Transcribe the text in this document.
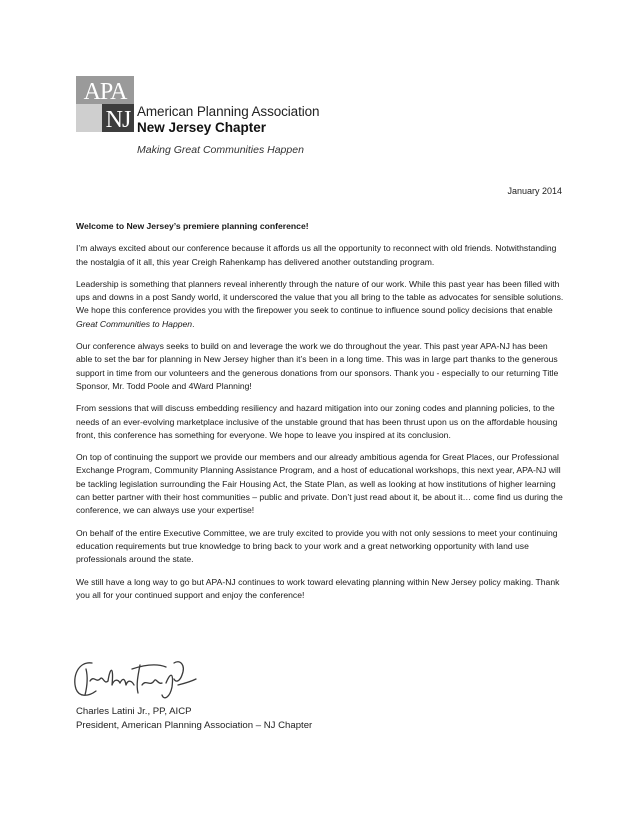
APA
NJ American Planning Association
New Jersey Chapter
Making Great Communities Happen
January 2014

Welcome to New Jersey’s premiere planning conference!

I’m always excited about our conference because it affords us all the opportunity to reconnect with old friends. Notwithstanding the nostalgia of it all, this year Creigh Rahenkamp has delivered another outstanding program.

Leadership is something that planners reveal inherently through the nature of our work. While this past year has been filled with ups and downs in a post Sandy world, it underscored the value that you all bring to the table as advocates for sensible solutions. We hope this conference provides you with the firepower you seek to continue to influence sound policy decisions that enable Great Communities to Happen.

Our conference always seeks to build on and leverage the work we do throughout the year. This past year APA-NJ has been able to set the bar for planning in New Jersey higher than it’s been in a long time. This was in large part thanks to the generous support in time from our volunteers and the generous donations from our sponsors. Thank you - especially to our returning Title Sponsor, Mr. Todd Poole and 4Ward Planning!

From sessions that will discuss embedding resiliency and hazard mitigation into our zoning codes and planning policies, to the needs of an ever-evolving marketplace inclusive of the unstable ground that has been thrust upon us on the affordable housing front, this conference has something for everyone. We hope to leave you inspired at its conclusion.

On top of continuing the support we provide our members and our already ambitious agenda for Great Places, our Professional Exchange Program, Community Planning Assistance Program, and a host of educational workshops, this next year, APA-NJ will be tackling legislation surrounding the Fair Housing Act, the State Plan, as well as looking at how institutions of higher learning can better partner with their host communities – public and private. Don’t just read about it, be about it… come find us during the conference, we can always use your expertise!

On behalf of the entire Executive Committee, we are truly excited to provide you with not only sessions to meet your continuing education requirements but true knowledge to bring back to your work and a great networking opportunity with land use professionals around the state.

We still have a long way to go but APA-NJ continues to work toward elevating planning within New Jersey policy making. Thank you all for your continued support and enjoy the conference!

Charles Latini Jr., PP, AICP
President, American Planning Association – NJ Chapter
